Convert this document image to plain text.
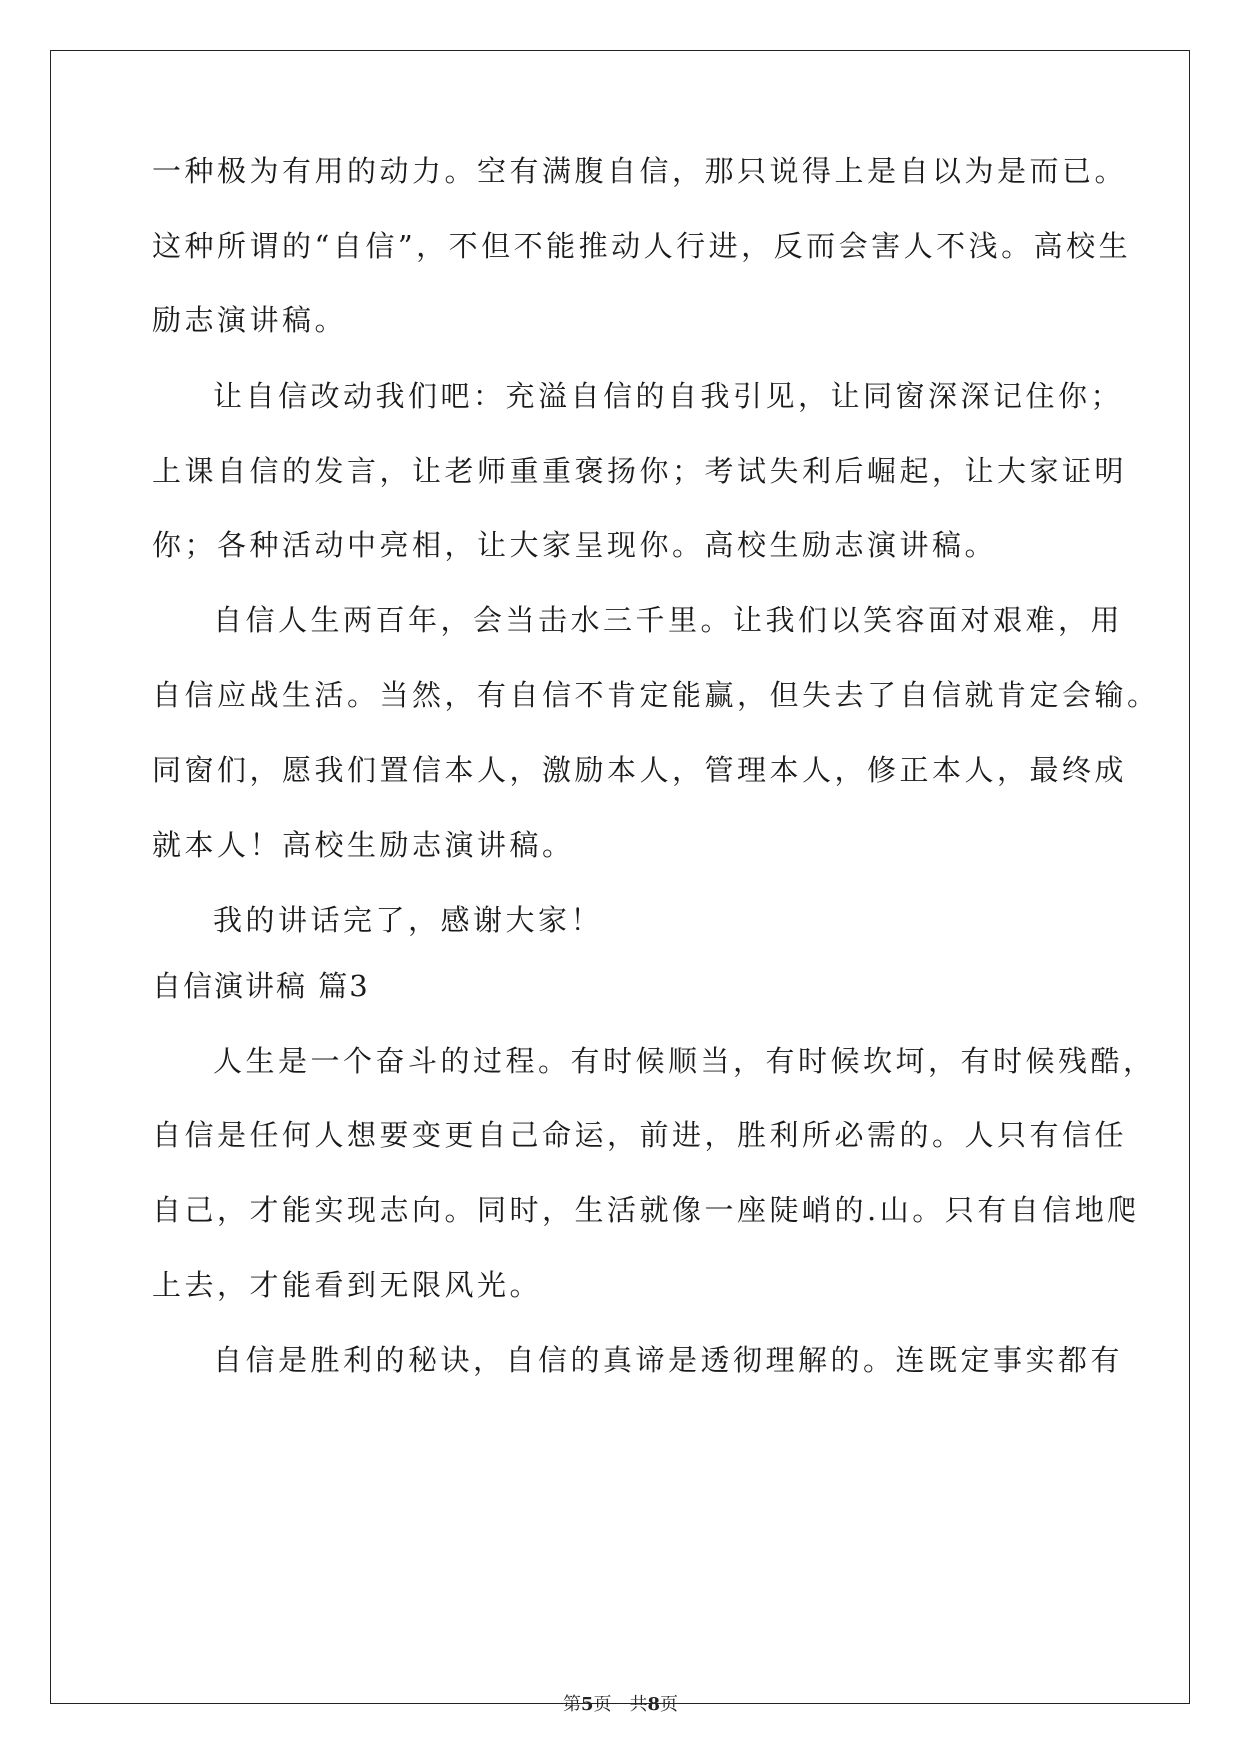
一种极为有用的动力。空有满腹自信，那只说得上是自以为是而已。
这种所谓的“自信”，不但不能推动人行进，反而会害人不浅。高校生
励志演讲稿。
让自信改动我们吧：充溢自信的自我引见，让同窗深深记住你；
上课自信的发言，让老师重重褒扬你；考试失利后崛起，让大家证明
你；各种活动中亮相，让大家呈现你。高校生励志演讲稿。
自信人生两百年，会当击水三千里。让我们以笑容面对艰难，用
自信应战生活。当然，有自信不肯定能赢，但失去了自信就肯定会输。
同窗们，愿我们置信本人，激励本人，管理本人，修正本人，最终成
就本人！高校生励志演讲稿。
我的讲话完了，感谢大家！
自信演讲稿 篇3
人生是一个奋斗的过程。有时候顺当，有时候坎坷，有时候残酷，
自信是任何人想要变更自己命运，前进，胜利所必需的。人只有信任
自己，才能实现志向。同时，生活就像一座陡峭的.山。只有自信地爬
上去，才能看到无限风光。
自信是胜利的秘诀，自信的真谛是透彻理解的。连既定事实都有
第5页 共8页
